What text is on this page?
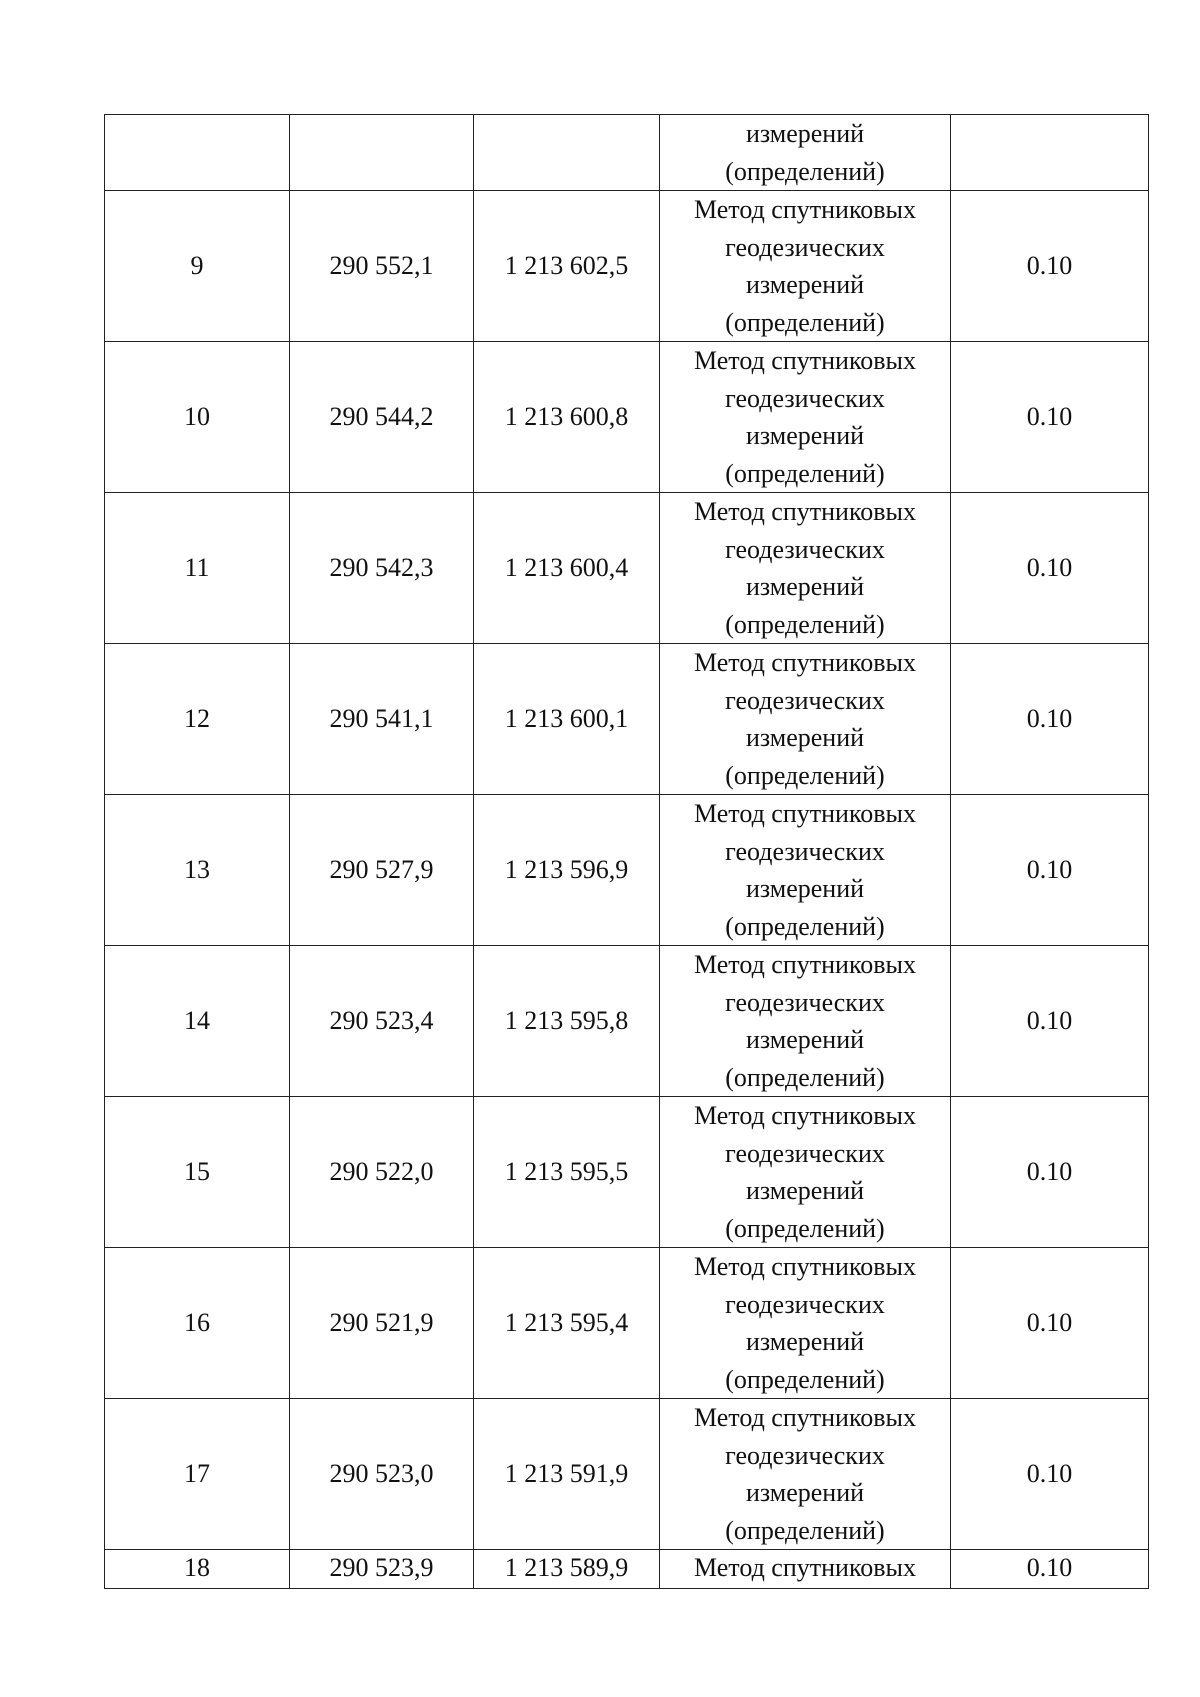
			измерений
(определений)	
9	290 552,1	1 213 602,5	Метод спутниковых
геодезических
измерений
(определений)	0.10
10	290 544,2	1 213 600,8	Метод спутниковых
геодезических
измерений
(определений)	0.10
11	290 542,3	1 213 600,4	Метод спутниковых
геодезических
измерений
(определений)	0.10
12	290 541,1	1 213 600,1	Метод спутниковых
геодезических
измерений
(определений)	0.10
13	290 527,9	1 213 596,9	Метод спутниковых
геодезических
измерений
(определений)	0.10
14	290 523,4	1 213 595,8	Метод спутниковых
геодезических
измерений
(определений)	0.10
15	290 522,0	1 213 595,5	Метод спутниковых
геодезических
измерений
(определений)	0.10
16	290 521,9	1 213 595,4	Метод спутниковых
геодезических
измерений
(определений)	0.10
17	290 523,0	1 213 591,9	Метод спутниковых
геодезических
измерений
(определений)	0.10
18	290 523,9	1 213 589,9	Метод спутниковых	0.10
